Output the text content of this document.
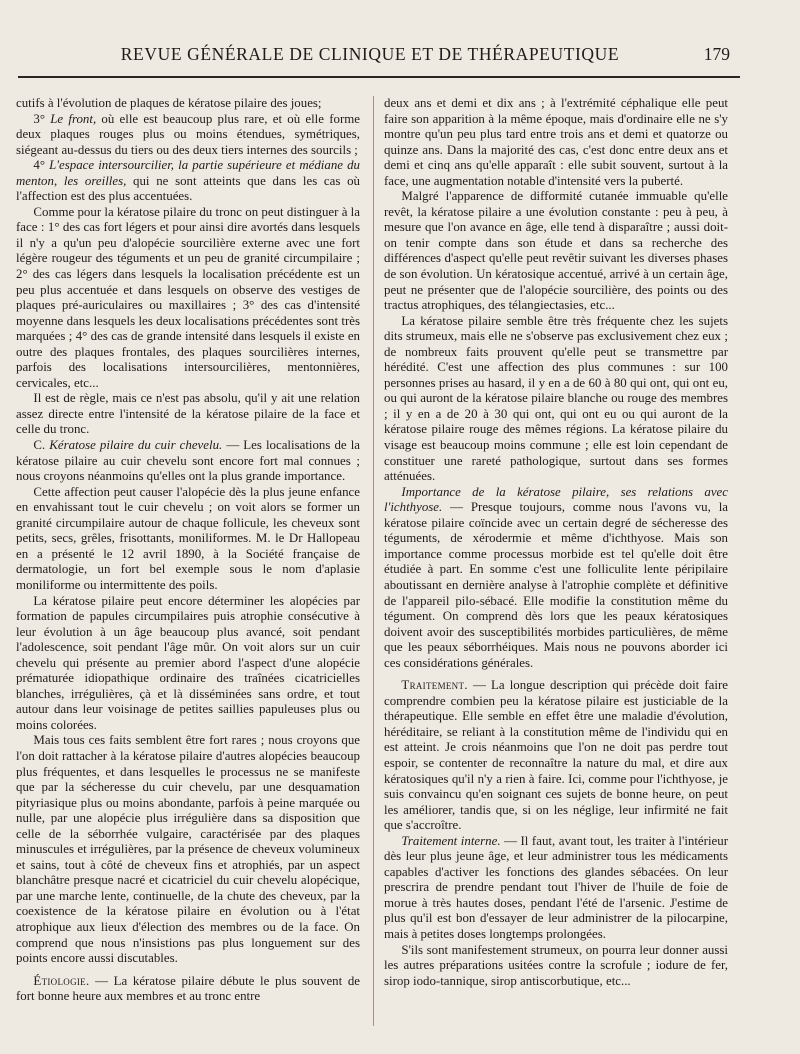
REVUE GÉNÉRALE DE CLINIQUE ET DE THÉRAPEUTIQUE	179

cutifs à l'évolution de plaques de kératose pilaire des joues;

3° Le front, où elle est beaucoup plus rare, et où elle forme deux plaques rouges plus ou moins étendues, symétriques, siégeant au-dessus du tiers ou des deux tiers internes des sourcils ;

4° L'espace intersourcilier, la partie supérieure et médiane du menton, les oreilles, qui ne sont atteints que dans les cas où l'affection est des plus accentuées.

Comme pour la kératose pilaire du tronc on peut distinguer à la face : 1° des cas fort légers et pour ainsi dire avortés dans lesquels il n'y a qu'un peu d'alopécie sourcilière externe avec une fort légère rougeur des téguments et un peu de granité circumpilaire ; 2° des cas légers dans lesquels la localisation précédente est un peu plus accentuée et dans lesquels on observe des vestiges de plaques pré-auriculaires ou maxillaires ; 3° des cas d'intensité moyenne dans lesquels les deux localisations précédentes sont très marquées ; 4° des cas de grande intensité dans lesquels il existe en outre des plaques frontales, des plaques sourcilières internes, parfois des localisations intersourcilières, mentonnières, cervicales, etc...

Il est de règle, mais ce n'est pas absolu, qu'il y ait une relation assez directe entre l'intensité de la kératose pilaire de la face et celle du tronc.

C. Kératose pilaire du cuir chevelu. — Les localisations de la kératose pilaire au cuir chevelu sont encore fort mal connues ; nous croyons néanmoins qu'elles ont la plus grande importance.

Cette affection peut causer l'alopécie dès la plus jeune enfance en envahissant tout le cuir chevelu ; on voit alors se former un granité circumpilaire autour de chaque follicule, les cheveux sont petits, secs, grêles, frisottants, moniliformes. M. le Dr Hallopeau en a présenté le 12 avril 1890, à la Société française de dermatologie, un fort bel exemple sous le nom d'aplasie moniliforme ou intermittente des poils.

La kératose pilaire peut encore déterminer les alopécies par formation de papules circumpilaires puis atrophie consécutive à leur évolution à un âge beaucoup plus avancé, soit pendant l'adolescence, soit pendant l'âge mûr. On voit alors sur un cuir chevelu qui présente au premier abord l'aspect d'une alopécie prématurée idiopathique ordinaire des traînées cicatricielles blanches, irrégulières, çà et là disséminées sans ordre, et tout autour dans leur voisinage de petites saillies papuleuses plus ou moins colorées.

Mais tous ces faits semblent être fort rares ; nous croyons que l'on doit rattacher à la kératose pilaire d'autres alopécies beaucoup plus fréquentes, et dans lesquelles le processus ne se manifeste que par la sécheresse du cuir chevelu, par une desquamation pityriasique plus ou moins abondante, parfois à peine marquée ou nulle, par une alopécie plus irrégulière dans sa disposition que celle de la séborrhée vulgaire, caractérisée par des plaques minuscules et irrégulières, par la présence de cheveux volumineux et sains, tout à côté de cheveux fins et atrophiés, par un aspect blanchâtre presque nacré et cicatriciel du cuir chevelu alopécique, par une marche lente, continuelle, de la chute des cheveux, par la coexistence de la kératose pilaire en évolution ou à l'état atrophique aux lieux d'élection des membres ou de la face. On comprend que nous n'insistions pas plus longuement sur des points encore aussi discutables.

Étiologie. — La kératose pilaire débute le plus souvent de fort bonne heure aux membres et au tronc entre

deux ans et demi et dix ans ; à l'extrémité céphalique elle peut faire son apparition à la même époque, mais d'ordinaire elle ne s'y montre qu'un peu plus tard entre trois ans et demi et quatorze ou quinze ans. Dans la majorité des cas, c'est donc entre deux ans et demi et cinq ans qu'elle apparaît : elle subit souvent, surtout à la face, une augmentation notable d'intensité vers la puberté.

Malgré l'apparence de difformité cutanée immuable qu'elle revêt, la kératose pilaire a une évolution constante : peu à peu, à mesure que l'on avance en âge, elle tend à disparaître ; aussi doit-on tenir compte dans son étude et dans sa recherche des différences d'aspect qu'elle peut revêtir suivant les diverses phases de son évolution. Un kératosique accentué, arrivé à un certain âge, peut ne présenter que de l'alopécie sourcilière, des points ou des tractus atrophiques, des télangiectasies, etc...

La kératose pilaire semble être très fréquente chez les sujets dits strumeux, mais elle ne s'observe pas exclusivement chez eux ; de nombreux faits prouvent qu'elle peut se transmettre par hérédité. C'est une affection des plus communes : sur 100 personnes prises au hasard, il y en a de 60 à 80 qui ont, qui ont eu, ou qui auront de la kératose pilaire blanche ou rouge des membres ; il y en a de 20 à 30 qui ont, qui ont eu ou qui auront de la kératose pilaire rouge des mêmes régions. La kératose pilaire du visage est beaucoup moins commune ; elle est loin cependant de constituer une rareté pathologique, surtout dans ses formes atténuées.

Importance de la kératose pilaire, ses relations avec l'ichthyose. — Presque toujours, comme nous l'avons vu, la kératose pilaire coïncide avec un certain degré de sécheresse des téguments, de xérodermie et même d'ichthyose. Mais son importance comme processus morbide est tel qu'elle doit être étudiée à part. En somme c'est une folliculite lente péripilaire aboutissant en dernière analyse à l'atrophie complète et définitive de l'appareil pilo-sébacé. Elle modifie la constitution même du tégument. On comprend dès lors que les peaux kératosiques doivent avoir des susceptibilités morbides particulières, de même que les peaux séborrhéiques. Mais nous ne pouvons aborder ici ces considérations générales.

Traitement. — La longue description qui précède doit faire comprendre combien peu la kératose pilaire est justiciable de la thérapeutique. Elle semble en effet être une maladie d'évolution, héréditaire, se reliant à la constitution même de l'individu qui en est atteint. Je crois néanmoins que l'on ne doit pas perdre tout espoir, se contenter de reconnaître la nature du mal, et dire aux kératosiques qu'il n'y a rien à faire. Ici, comme pour l'ichthyose, je suis convaincu qu'en soignant ces sujets de bonne heure, on peut les améliorer, tandis que, si on les néglige, leur infirmité ne fait que s'accroître.

Traitement interne. — Il faut, avant tout, les traiter à l'intérieur dès leur plus jeune âge, et leur administrer tous les médicaments capables d'activer les fonctions des glandes sébacées. On leur prescrira de prendre pendant tout l'hiver de l'huile de foie de morue à très hautes doses, pendant l'été de l'arsenic. J'estime de plus qu'il est bon d'essayer de leur administrer de la pilocarpine, mais à petites doses longtemps prolongées.

S'ils sont manifestement strumeux, on pourra leur donner aussi les autres préparations usitées contre la scrofule ; iodure de fer, sirop iodo-tannique, sirop antiscorbutique, etc...
